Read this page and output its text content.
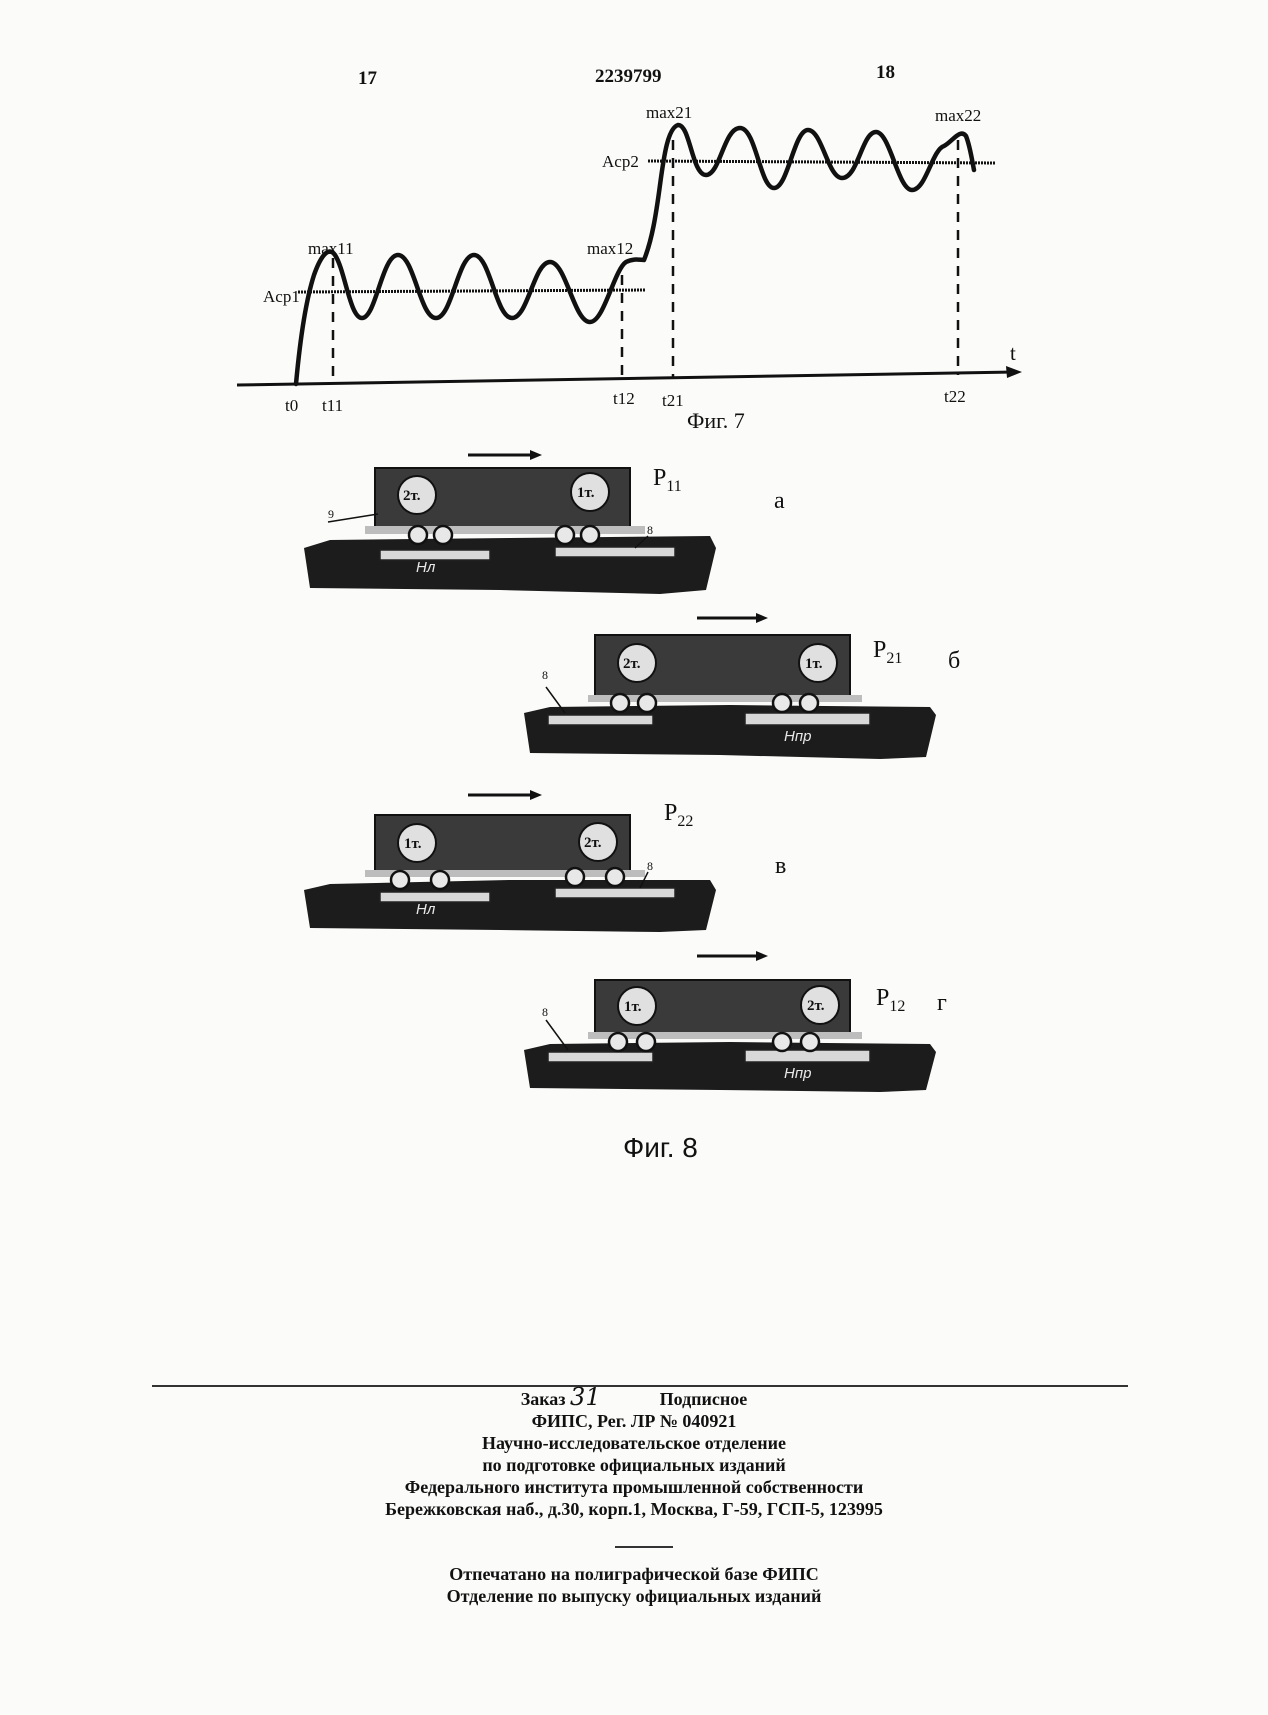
17	2239799	18
max11	max12
max21	max22
Acp1
Acp2
t0 t11	t12 t21	t22
t
Фиг. 7
2т.	1т.
9
8
Нл
$P_{11}$
а
2т.	1т.
8
Нпр
$P_{21}$ б
1т.	2т.
8
Нл
$P_{22}$
в
1т.	2т.
8
Нпр
$P_{12}$ г
Фиг. 8
Заказ 31	Подписное
ФИПС, Рег. ЛР № 040921
Научно-исследовательское отделение
по подготовке официальных изданий
Федерального института промышленной собственности
Бережковская наб., д.30, корп.1, Москва, Г-59, ГСП-5, 123995
Отпечатано на полиграфической базе ФИПС
Отделение по выпуску официальных изданий
